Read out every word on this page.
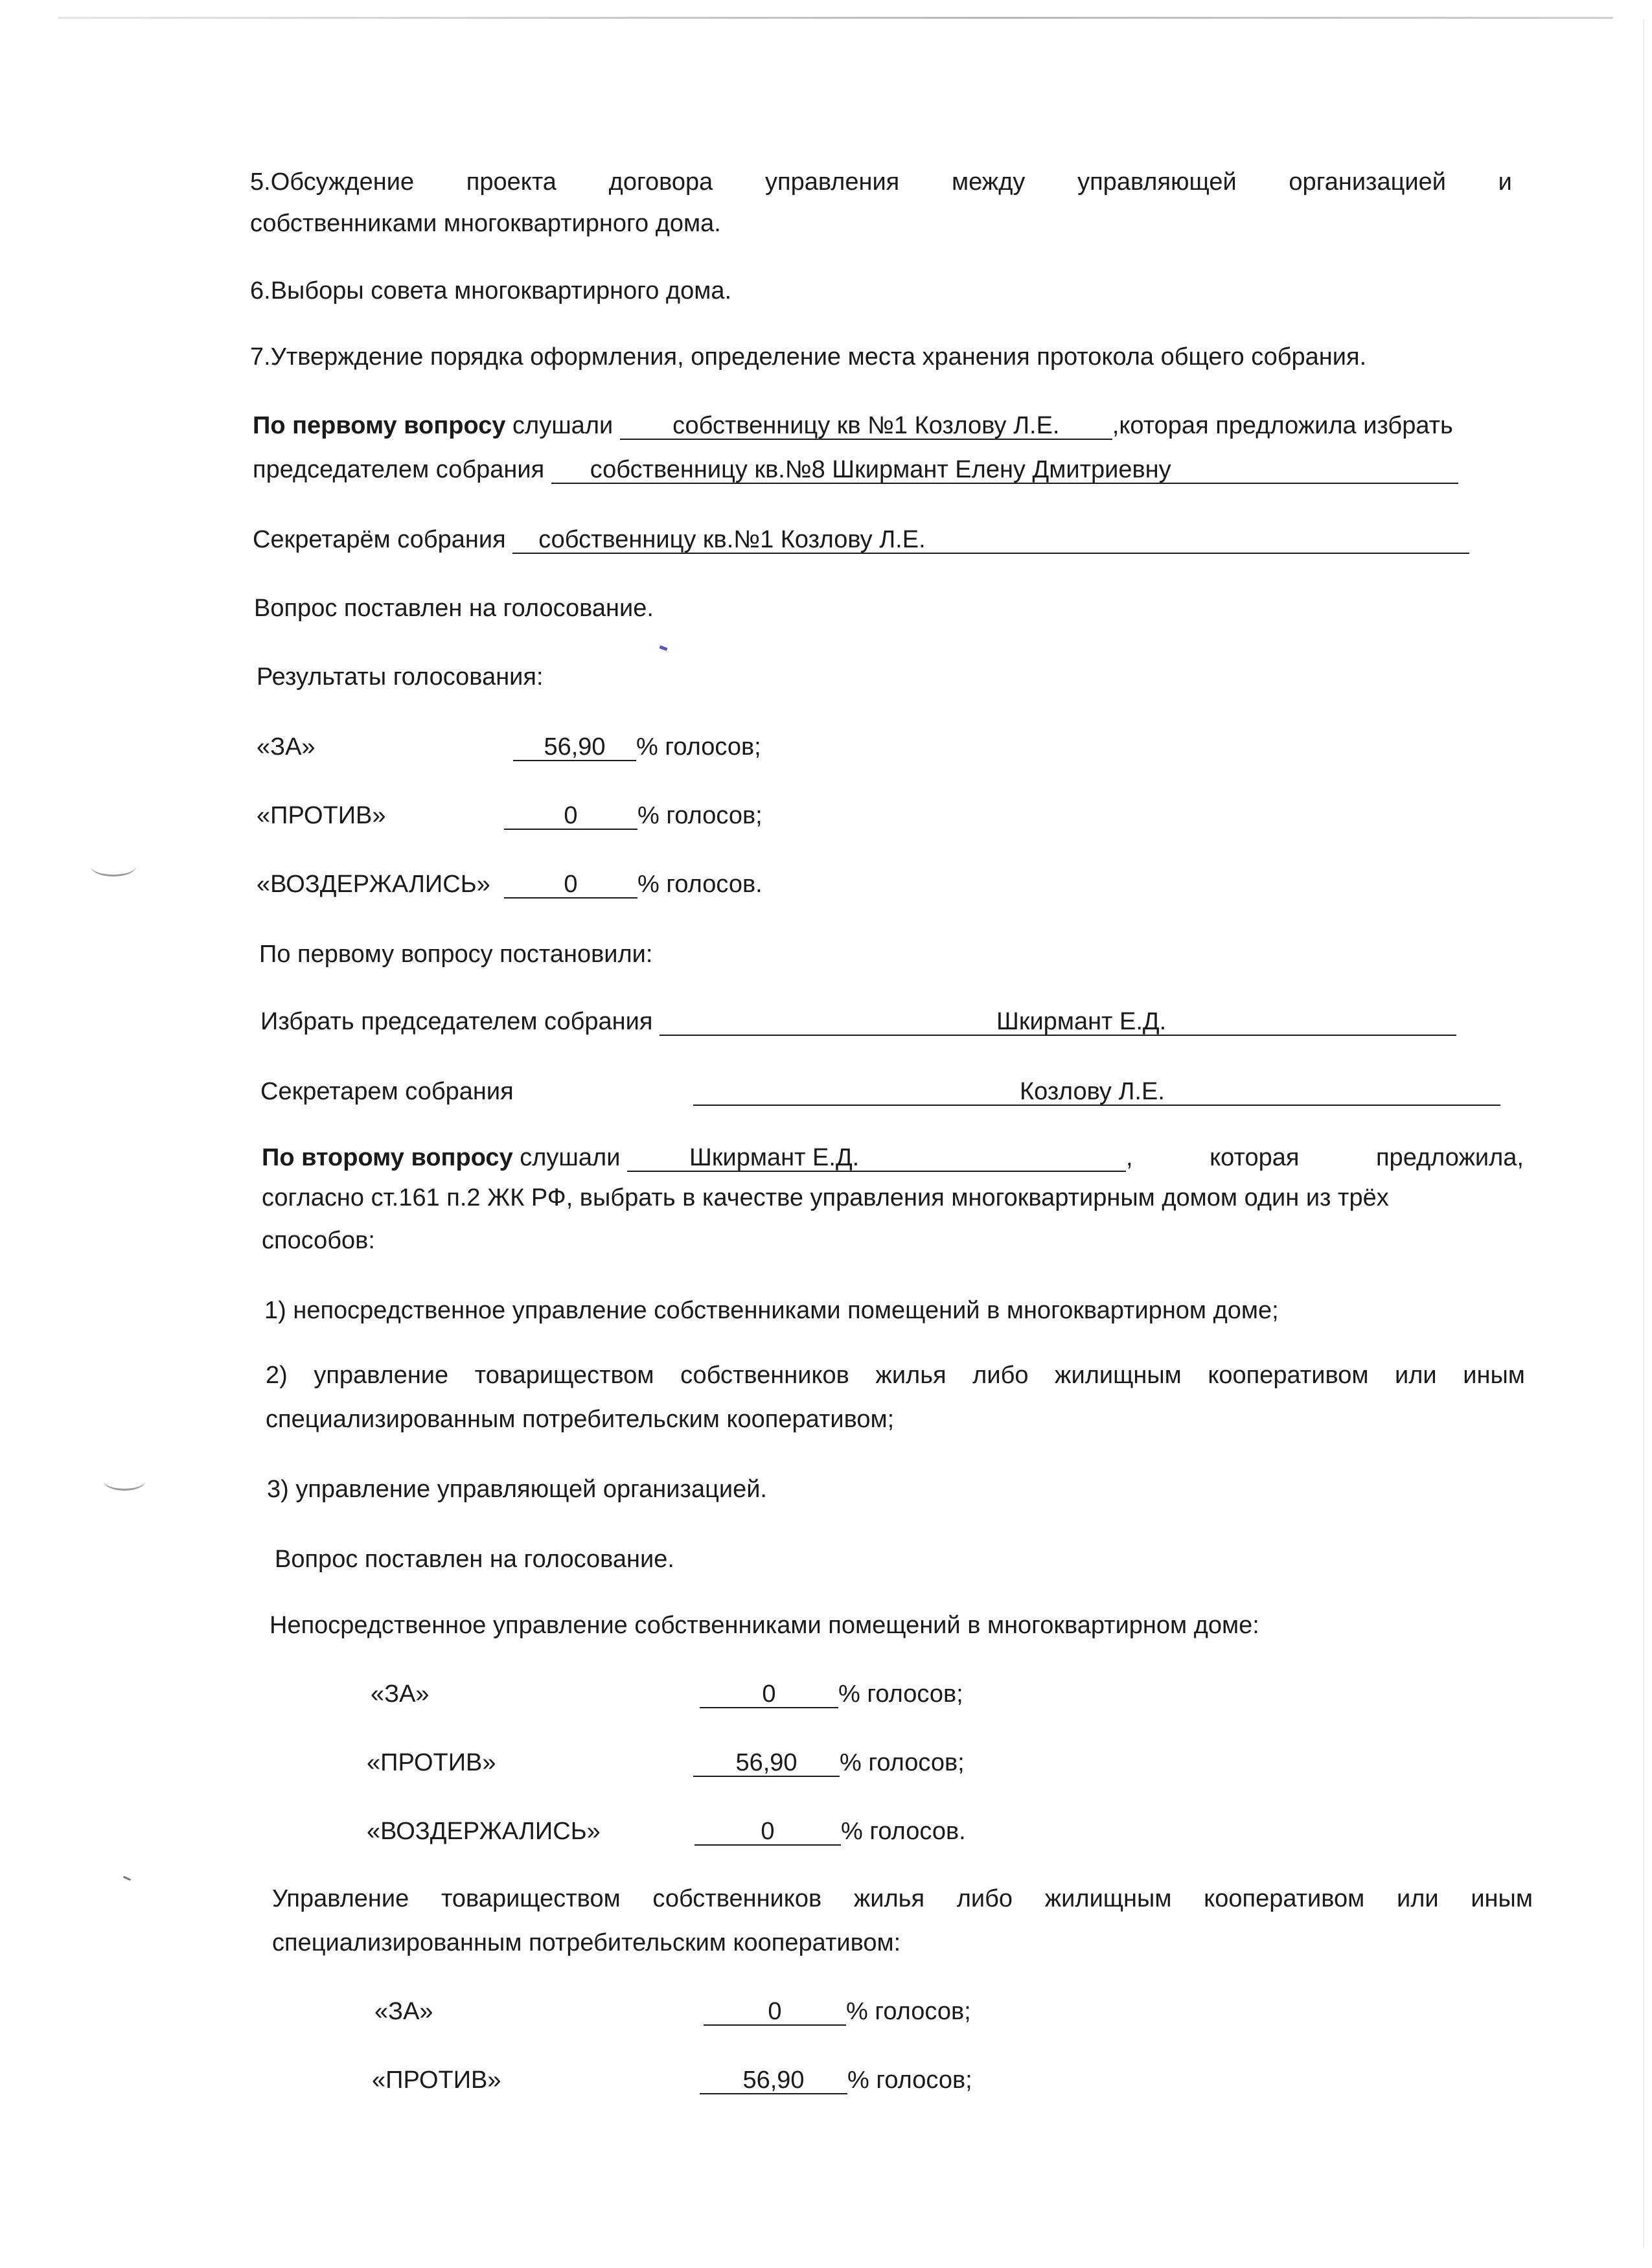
5.Обсуждение проекта договора управления между управляющей организацией и
собственниками многоквартирного дома.
6.Выборы совета многоквартирного дома.
7.Утверждение порядка оформления, определение места хранения протокола общего собрания.
По первому вопросу слушали собственницу кв №1 Козлову Л.Е. ,которая предложила избрать
председателем собрания собственницу кв.№8 Шкирмант Елену Дмитриевну
Секретарём собрания собственницу кв.№1 Козлову Л.Е.
Вопрос поставлен на голосование.
Результаты голосования:
«ЗА»	56,90 % голосов;
«ПРОТИВ»	0 % голосов;
«ВОЗДЕРЖАЛИСЬ»	0 % голосов.
По первому вопросу постановили:
Избрать председателем собрания	Шкирмант Е.Д.
Секретарем собрания	Козлову Л.Е.
По второму вопросу слушали	Шкирмант Е.Д.	,	которая	предложила,
согласно ст.161 п.2 ЖК РФ, выбрать в качестве управления многоквартирным домом один из трёх
способов:
1) непосредственное управление собственниками помещений в многоквартирном доме;
2) управление товариществом собственников жилья либо жилищным кооперативом или иным
специализированным потребительским кооперативом;
3) управление управляющей организацией.
Вопрос поставлен на голосование.
Непосредственное управление собственниками помещений в многоквартирном доме:
«ЗА»	0	% голосов;
«ПРОТИВ»	56,90 % голосов;
«ВОЗДЕРЖАЛИСЬ»	0	% голосов.
Управление товариществом собственников жилья либо жилищным кооперативом или иным
специализированным потребительским кооперативом:
«ЗА»	0	% голосов;
«ПРОТИВ»	56,90 % голосов;
